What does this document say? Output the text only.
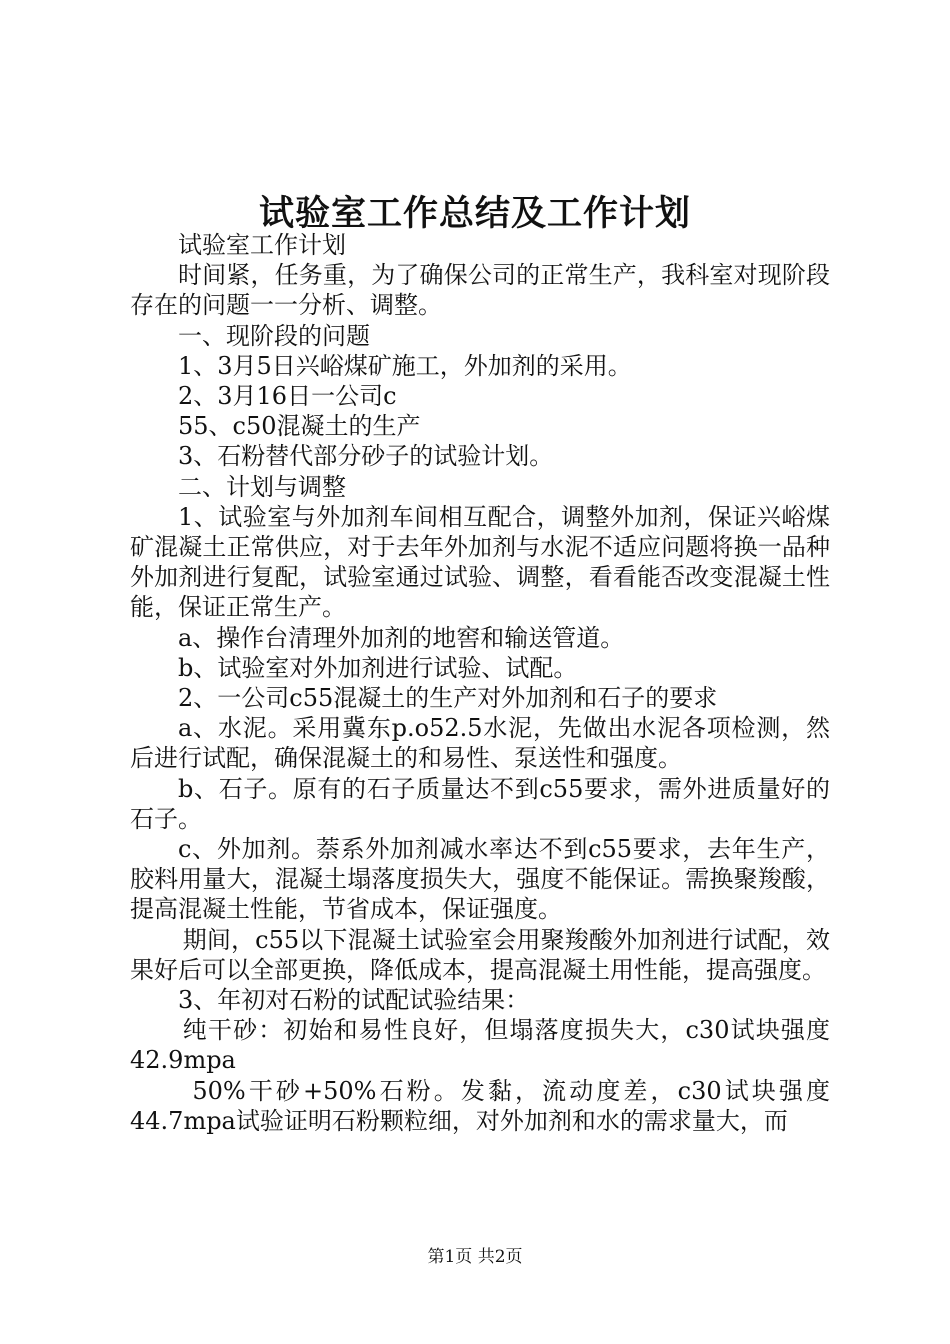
试验室工作总结及工作计划

试验室工作计划

时间紧，任务重，为了确保公司的正常生产，我科室对现阶段存在的问题一一分析、调整。

一、现阶段的问题

1、3月5日兴峪煤矿施工，外加剂的采用。

2、3月16日一公司c

55、c50混凝土的生产

3、石粉替代部分砂子的试验计划。

二、计划与调整

1、试验室与外加剂车间相互配合，调整外加剂，保证兴峪煤矿混凝土正常供应，对于去年外加剂与水泥不适应问题将换一品种外加剂进行复配，试验室通过试验、调整，看看能否改变混凝土性能，保证正常生产。

a、操作台清理外加剂的地窖和输送管道。

b、试验室对外加剂进行试验、试配。

2、一公司c55混凝土的生产对外加剂和石子的要求

a、水泥。采用冀东p.o52.5水泥，先做出水泥各项检测，然后进行试配，确保混凝土的和易性、泵送性和强度。

b、石子。原有的石子质量达不到c55要求，需外进质量好的石子。

c、外加剂。萘系外加剂减水率达不到c55要求，去年生产，胶料用量大，混凝土塌落度损失大，强度不能保证。需换聚羧酸，提高混凝土性能，节省成本，保证强度。

期间，c55以下混凝土试验室会用聚羧酸外加剂进行试配，效果好后可以全部更换，降低成本，提高混凝土用性能，提高强度。

3、年初对石粉的试配试验结果：

纯干砂：初始和易性良好，但塌落度损失大，c30试块强度42.9mpa

50%干砂+50%石粉。发黏，流动度差，c30试块强度44.7mpa试验证明石粉颗粒细，对外加剂和水的需求量大，而

第1页 共2页
